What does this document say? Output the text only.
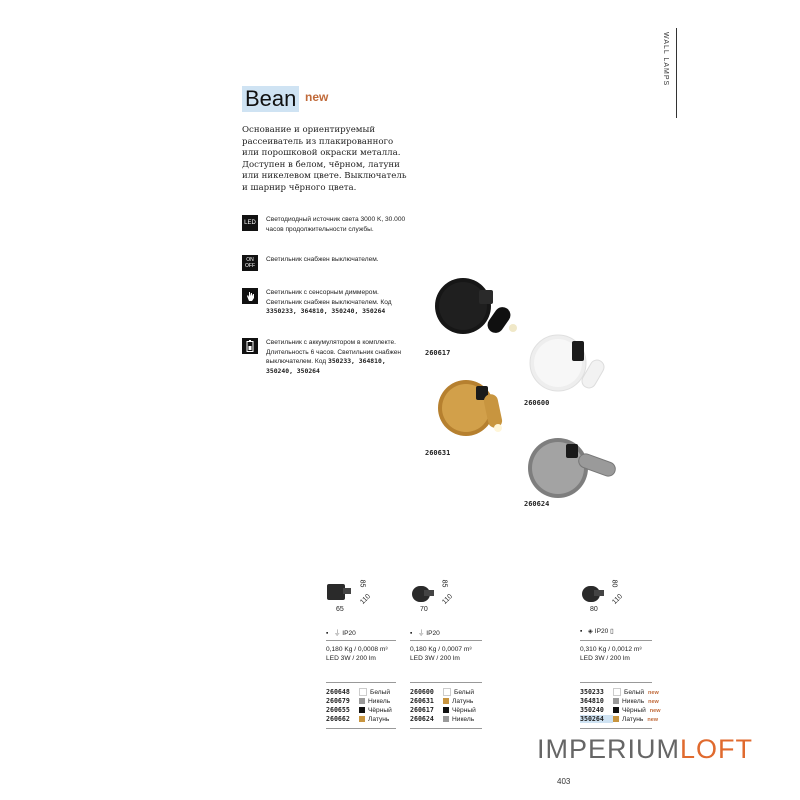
WALL LAMPS
Bean new
Основание и ориентируемый рассеиватель из плакированного или порошковой окраски металла. Доступен в белом, чёрном, латуни или никелевом цвете. Выключатель и шарнир чёрного цвета.
LED	Светодиодный источник света 3000 K, 30.000 часов продолжительности службы.
ON OFF
Светильник снабжен выключателем.
Светильник с сенсорным диммером. Светильник снабжен выключателем. Код 3350233, 364810, 350240, 350264
Светильник с аккумулятором в комплекте. Длительность 6 часов. Светильник снабжен выключателем. Код 350233, 364810, 350240, 350264
260617
260600
260631
260624
65
85
110
▪   ⏚ IP20
0,180 Kg / 0,0008 m³
LED 3W / 200 lm
260648	Белый
260679	Никель
260655	Чёрный
260662	Латунь
70
85
110
▪   ⏚ IP20
0,180 Kg / 0,0007 m³
LED 3W / 200 lm
260600	Белый
260631	Латунь
260617	Чёрный
260624	Никель
80
80
110
▪   ◈ IP20 ▯
0,310 Kg / 0,0012 m³
LED 3W / 200 lm
350233	Белый new
364810	Никель new
350240	Чёрный new
350264	Латунь new
IMPERIUMLOFT
403
